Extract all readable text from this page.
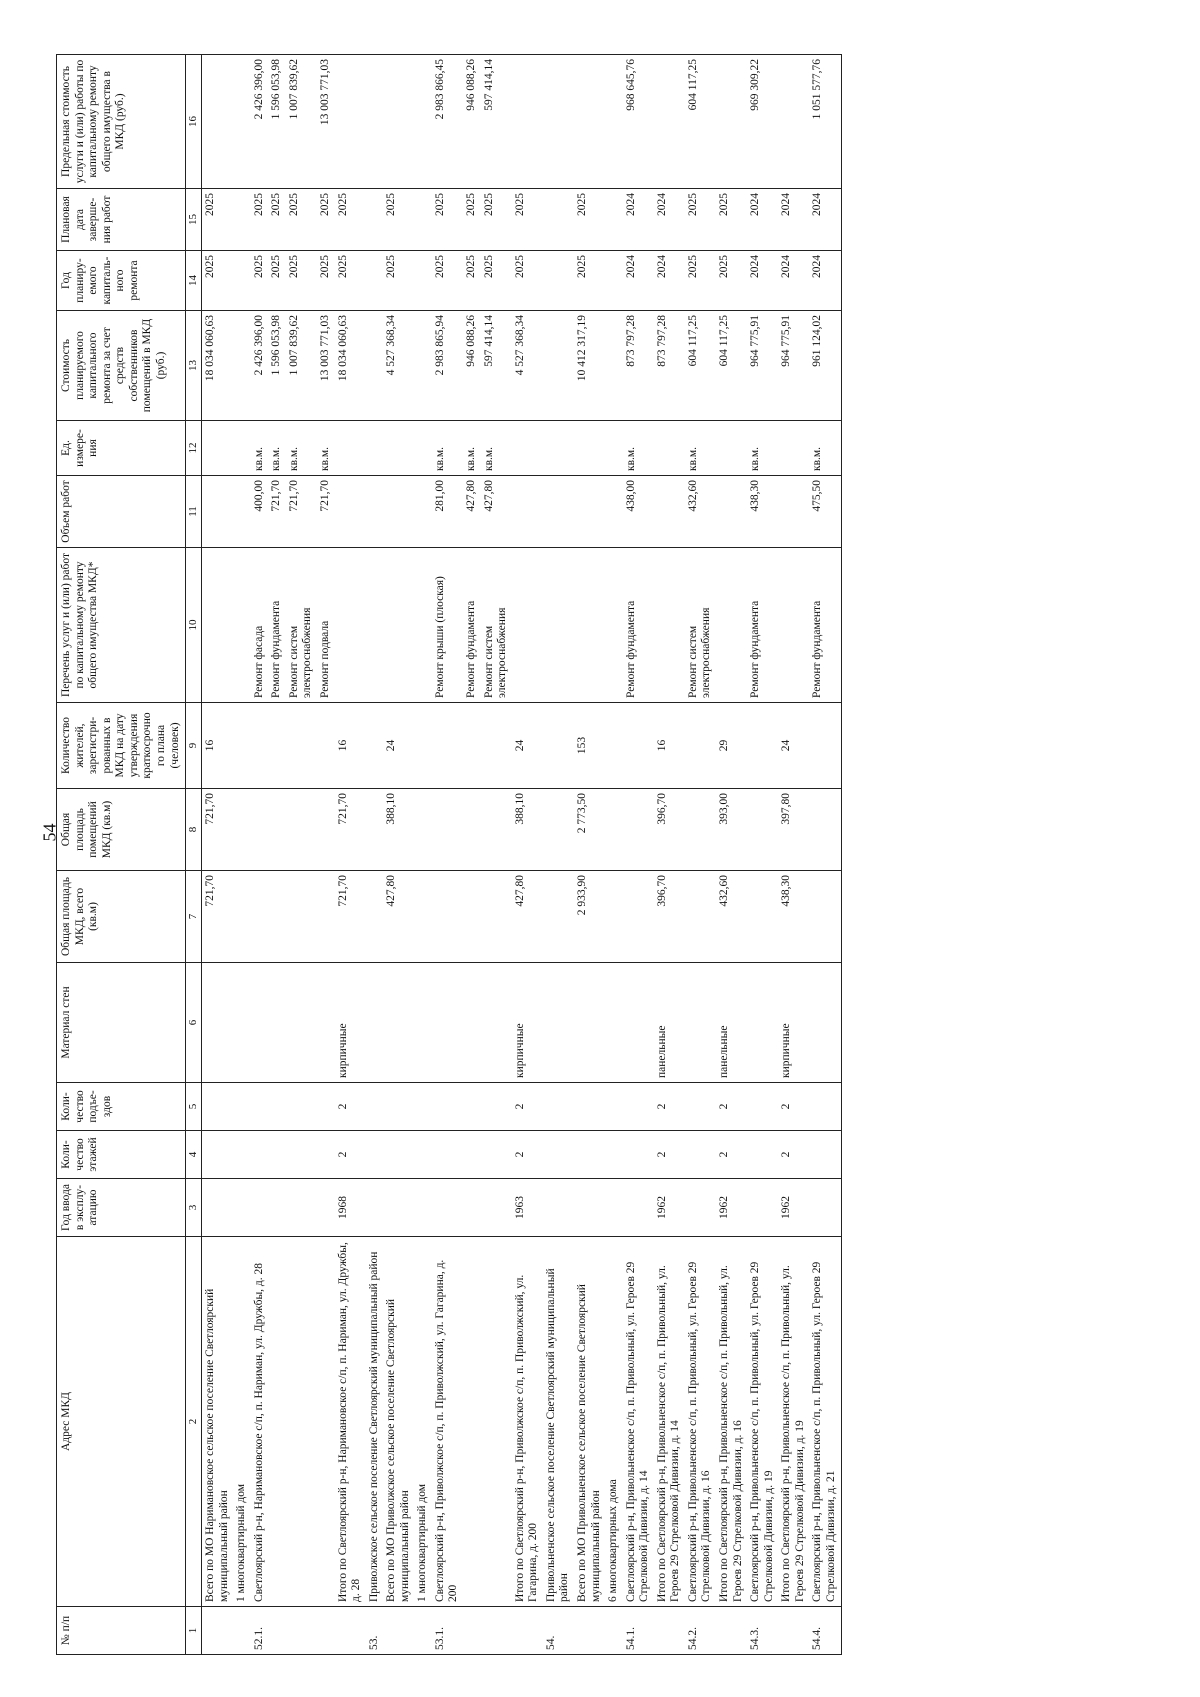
54
№ п/п	Адрес МКД	Год ввода в эксплу-атацию	Коли-чество этажей	Коли-чество подъе-здов	Материал стен	Общая площадь МКД, всего (кв.м)	Общая площадь помещений МКД (кв.м)	Количество жителей, зарегистри-рованных в МКД на дату утверждения краткосрочно го плана (человек)	Перечень услуг и (или) работ по капитальному ремонту общего имущества МКД*	Объем работ	Ед. измере-ния	Стоимость планируемого капитального ремонта за счет средств собственников помещений в МКД (руб.)	Год планиру-емого капиталь-ного ремонта	Плановая дата заверше-ния работ	Предельная стоимость услуги и (или) работы по капитальному ремонту общего имущества в МКД (руб.)
1	2	3	4	5	6	7	8	9	10	11	12	13	14	15	16
	Всего по МО Наримановское сельское поселение Светлоярский муниципальный район					721,70	721,70	16				18 034 060,63	2025	2025	
	1 многоквартирный дом														
52.1.	Светлоярский р-н, Наримановское с/п, п. Нариман, ул. Дружбы, д. 28								Ремонт фасада	400,00	кв.м.	2 426 396,00	2025	2025	2 426 396,00
									Ремонт фундамента	721,70	кв.м.	1 596 053,98	2025	2025	1 596 053,98
									Ремонт систем электроснабжения	721,70	кв.м.	1 007 839,62	2025	2025	1 007 839,62
									Ремонт подвала	721,70	кв.м.	13 003 771,03	2025	2025	13 003 771,03
	Итого по Светлоярский р-н, Наримановское с/п, п. Нариман, ул. Дружбы, д. 28	1968	2	2	кирпичные	721,70	721,70	16				18 034 060,63	2025	2025	
53.	Приволжское сельское поселение Светлоярский муниципальный район														
	Всего по МО Приволжское сельское поселение Светлоярский муниципальный район					427,80	388,10	24				4 527 368,34	2025	2025	
	1 многоквартирный дом														
53.1.	Светлоярский р-н, Приволжское с/п, п. Приволжский, ул. Гагарина, д. 200								Ремонт крыши (плоская)	281,00	кв.м.	2 983 865,94	2025	2025	2 983 866,45
									Ремонт фундамента	427,80	кв.м.	946 088,26	2025	2025	946 088,26
									Ремонт систем электроснабжения	427,80	кв.м.	597 414,14	2025	2025	597 414,14
	Итого по Светлоярский р-н, Приволжское с/п, п. Приволжский, ул. Гагарина, д. 200	1963	2	2	кирпичные	427,80	388,10	24				4 527 368,34	2025	2025	
54.	Привольненское сельское поселение Светлоярский муниципальный район														
	Всего по МО Привольненское сельское поселение Светлоярский муниципальный район					2 933,90	2 773,50	153				10 412 317,19	2025	2025	
	6 многоквартирных дома														
54.1.	Светлоярский р-н, Привольненское с/п, п. Привольный, ул. Героев 29 Стрелковой Дивизии, д. 14								Ремонт фундамента	438,00	кв.м.	873 797,28	2024	2024	968 645,76
	Итого по Светлоярский р-н, Привольненское с/п, п. Привольный, ул. Героев 29 Стрелковой Дивизии, д. 14	1962	2	2	панельные	396,70	396,70	16				873 797,28	2024	2024	
54.2.	Светлоярский р-н, Привольненское с/п, п. Привольный, ул. Героев 29 Стрелковой Дивизии, д. 16								Ремонт систем электроснабжения	432,60	кв.м.	604 117,25	2025	2025	604 117,25
	Итого по Светлоярский р-н, Привольненское с/п, п. Привольный, ул. Героев 29 Стрелковой Дивизии, д. 16	1962	2	2	панельные	432,60	393,00	29				604 117,25	2025	2025	
54.3.	Светлоярский р-н, Привольненское с/п, п. Привольный, ул. Героев 29 Стрелковой Дивизии, д. 19								Ремонт фундамента	438,30	кв.м.	964 775,91	2024	2024	969 309,22
	Итого по Светлоярский р-н, Привольненское с/п, п. Привольный, ул. Героев 29 Стрелковой Дивизии, д. 19	1962	2	2	кирпичные	438,30	397,80	24				964 775,91	2024	2024	
54.4.	Светлоярский р-н, Привольненское с/п, п. Привольный, ул. Героев 29 Стрелковой Дивизии, д. 21								Ремонт фундамента	475,50	кв.м.	961 124,02	2024	2024	1 051 577,76
